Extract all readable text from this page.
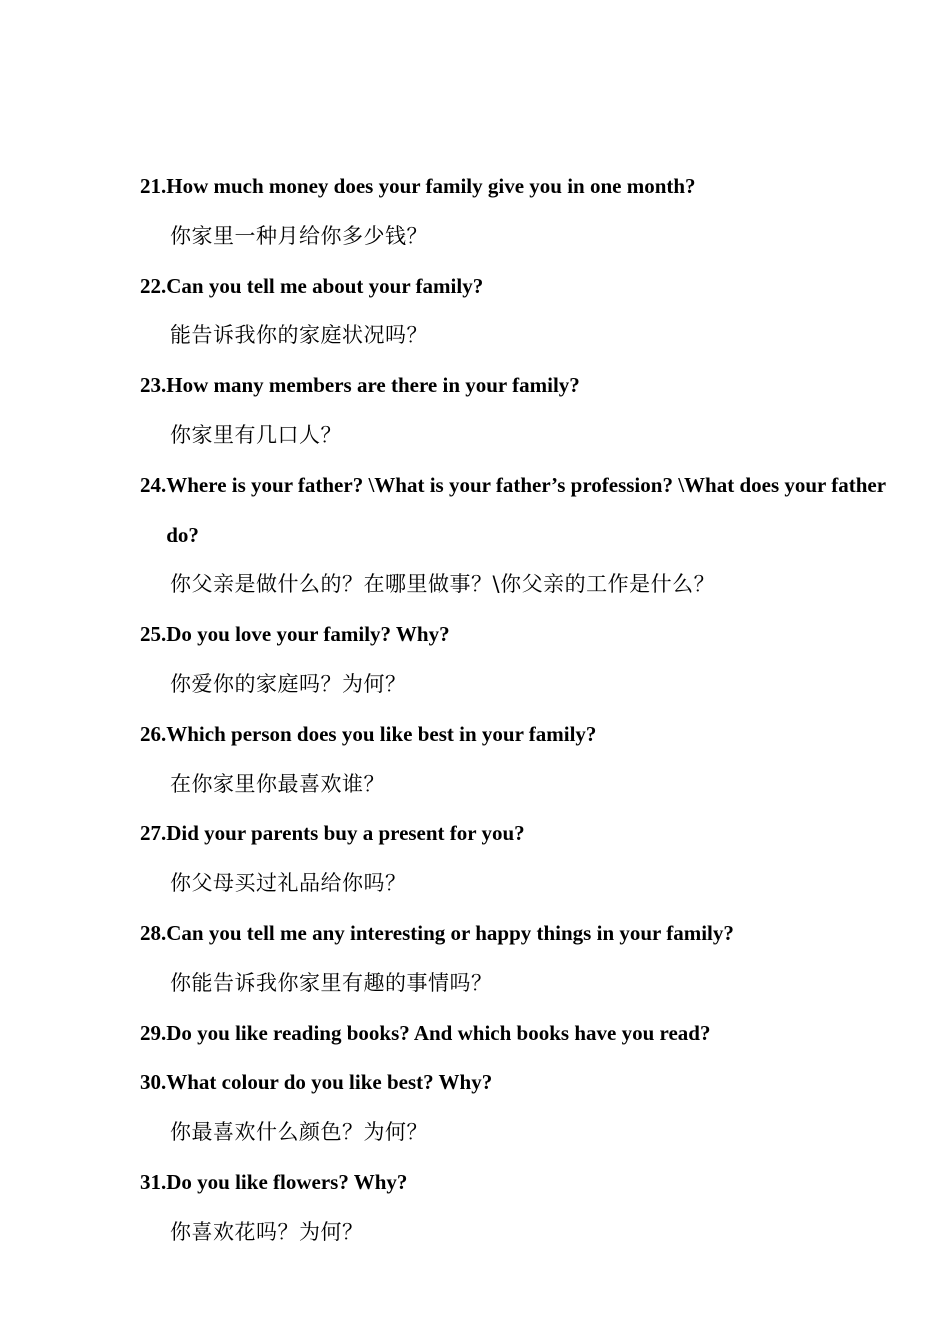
21. How much money does your family give you in one month?
你家里一种月给你多少钱？
22. Can you tell me about your family?
能告诉我你的家庭状况吗？
23. How many members are there in your family?
你家里有几口人？
24. Where is your father? \What is your father’s profession? \What does your father do?
你父亲是做什么的？在哪里做事？\你父亲的工作是什么？
25. Do you love your family? Why?
你爱你的家庭吗？为何？
26. Which person does you like best in your family?
在你家里你最喜欢谁？
27. Did your parents buy a present for you?
你父母买过礼品给你吗？
28. Can you tell me any interesting or happy things in your family?
你能告诉我你家里有趣的事情吗？
29. Do you like reading books? And which books have you read?
30. What colour do you like best? Why?
你最喜欢什么颜色？为何？
31. Do you like flowers? Why?
你喜欢花吗？为何？
